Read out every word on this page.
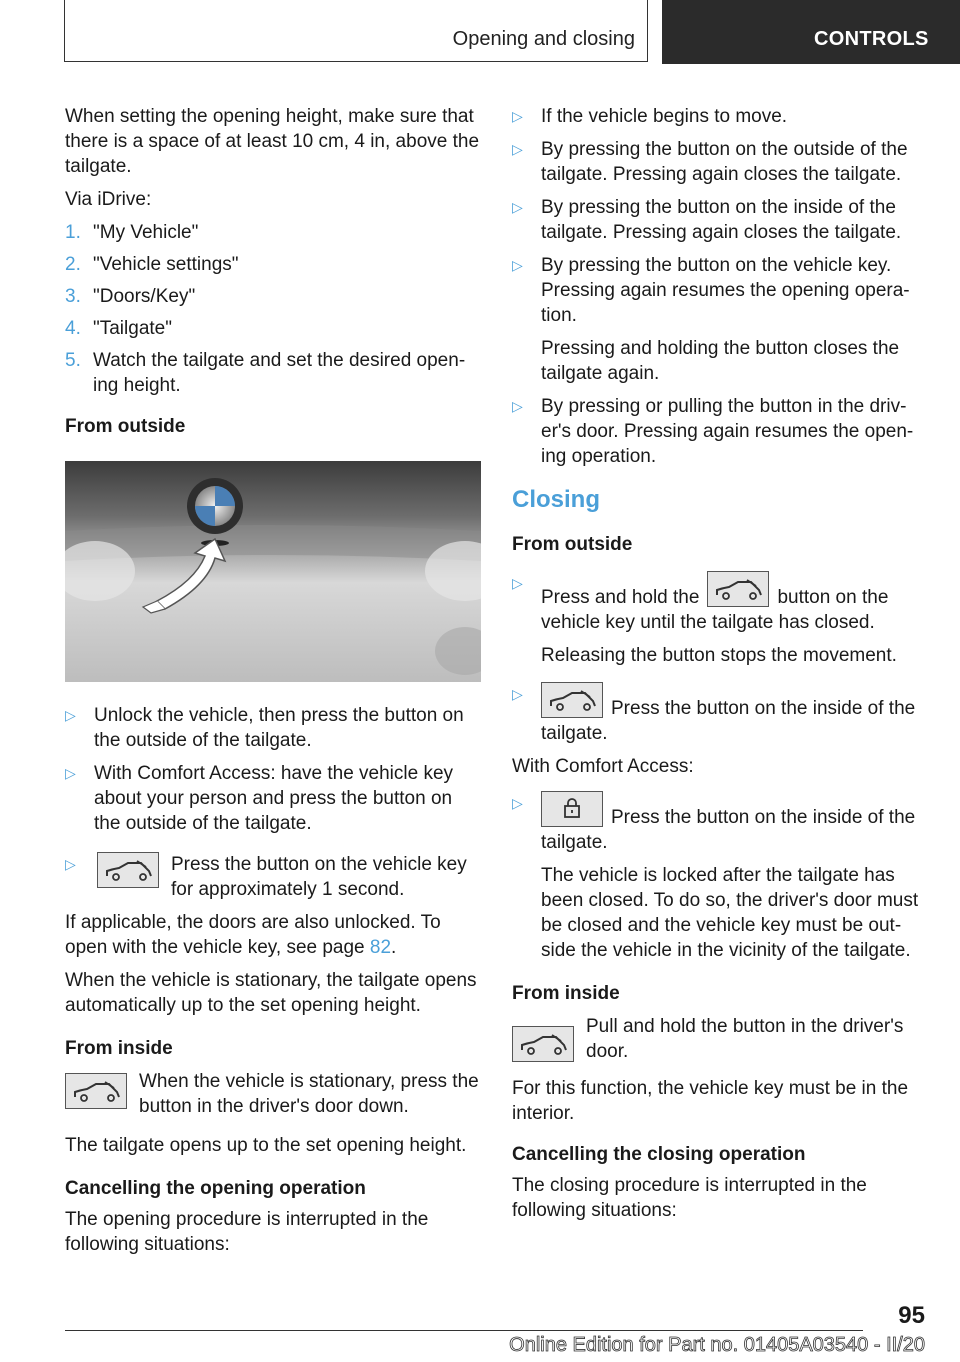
Opening and closing	CONTROLS

When setting the opening height, make sure that there is a space of at least 10 cm, 4 in, above the tailgate.

Via iDrive:

1. "My Vehicle"
2. "Vehicle settings"
3. "Doors/Key"
4. "Tailgate"
5. Watch the tailgate and set the desired opening height.
From outside
▷ Unlock the vehicle, then press the button on the outside of the tailgate.
▷ With Comfort Access: have the vehicle key about your person and press the button on the outside of the tailgate.
▷	Press the button on the vehicle key for approximately 1 second.

If applicable, the doors are also unlocked. To open with the vehicle key, see page 82.

When the vehicle is stationary, the tailgate opens automatically up to the set opening height.

From inside
When the vehicle is stationary, press the button in the driver's door down.

The tailgate opens up to the set opening height.

Cancelling the opening operation

The opening procedure is interrupted in the following situations:

▷ If the vehicle begins to move.
▷ By pressing the button on the outside of the tailgate. Pressing again closes the tailgate.
▷ By pressing the button on the inside of the tailgate. Pressing again closes the tailgate.
▷ By pressing the button on the vehicle key. Pressing again resumes the opening operation.

Pressing and holding the button closes the tailgate again.

▷ By pressing or pulling the button in the driver's door. Pressing again resumes the opening operation.
Closing
From outside
▷
Press and hold the	button on the vehicle key until the tailgate has closed.

Releasing the button stops the movement.

▷
Press the button on the inside of the tailgate.

With Comfort Access:

▷
Press the button on the inside of the tailgate.

The vehicle is locked after the tailgate has been closed. To do so, the driver's door must be closed and the vehicle key must be outside the vehicle in the vicinity of the tailgate.

From inside
Pull and hold the button in the driver's door.

For this function, the vehicle key must be in the interior.

Cancelling the closing operation

The closing procedure is interrupted in the following situations:

95
Online Edition for Part no. 01405A03540 - II/20
